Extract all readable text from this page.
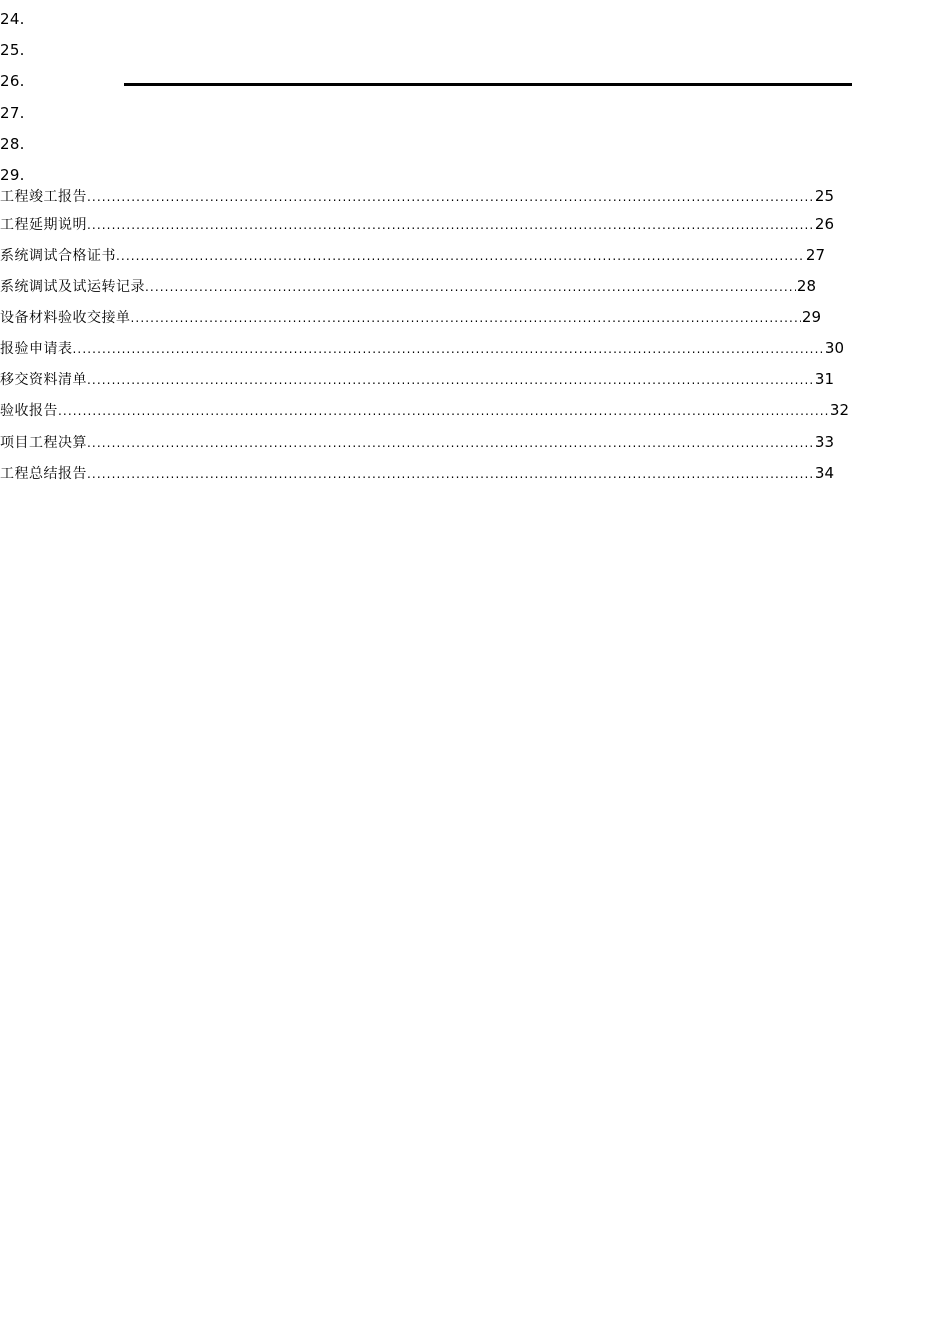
24.
25.
26.
27.
28.
29.
工程竣工报告 .....	25
工程延期说明 .....	26
系统调试合格证书 .....	27
系统调试及试运转记录 .....	28
设备材料验收交接单 .....	29
报验申请表 .....	30
移交资料清单 .....	31
验收报告 .....	32
项目工程决算 .....	33
工程总结报告 .....	34
